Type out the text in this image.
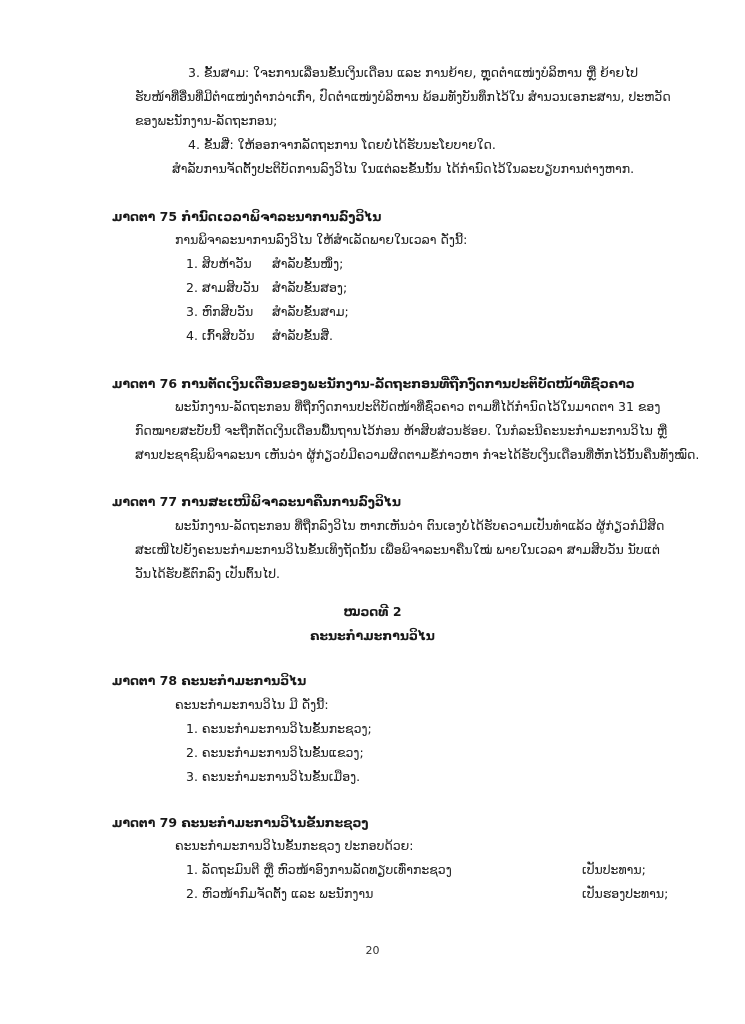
3. ຂັ້ນສາມ: ໃຈະການເລື່ອນຂັ້ນເງິນເດືອນ ແລະ ການຍ້າຍ, ຫຼຸດຕໍາແໜ່ງບໍລິຫານ ຫຼື ຍ້າຍໄປ
ຮັບໜ້າທີ່ອື່ນທີ່ມີຕໍາແໜ່ງຕໍ່າກວ່າເກົ່າ, ປົດຕໍາແໜ່ງບໍລິຫານ ພ້ອມທັງບັນທຶກໄວ້ໃນ ສໍານວນເອກະສານ, ປະຫວັດ
ຂອງພະນັກງານ-ລັດຖະກອນ;
4. ຂັ້ນສີ່: ໃຫ້ອອກຈາກລັດຖະການ ໂດຍບໍ່ໄດ້ຮັບນະໂຍບາຍໃດ.
ສໍາລັບການຈັດຕັ້ງປະຕິບັດການລົງວິໄນ ໃນແຕ່ລະຂັ້ນນັ້ນ ໄດ້ກໍານົດໄວ້ໃນລະບຽບການຕ່າງຫາກ.
ມາດຕາ 75 ກໍານົດເວລາພິຈາລະນາການລົງວິໄນ
ການພິຈາລະນາການລົງວິໄນ ໃຫ້ສໍາເລັດພາຍໃນເວລາ ດັ່ງນີ້:
1. ສິບຫ້າວັນ ສໍາລັບຂັ້ນໜຶ່ງ;
2. ສາມສິບວັນ ສໍາລັບຂັ້ນສອງ;
3. ຫົກສິບວັນ ສໍາລັບຂັ້ນສາມ;
4. ເກົ້າສິບວັນ ສໍາລັບຂັ້ນສີ່.
ມາດຕາ 76 ການຕັດເງິນເດືອນຂອງພະນັກງານ-ລັດຖະກອນທີ່ຖືກງົດການປະຕິບັດໜ້າທີ່ຊົ່ວຄາວ
ພະນັກງານ-ລັດຖະກອນ ທີ່ຖືກງົດການປະຕິບັດໜ້າທີ່ຊົ່ວຄາວ ຕາມທີ່ໄດ້ກໍານົດໄວ້ໃນມາດຕາ 31 ຂອງ
ກົດໝາຍສະບັບນີ້ ຈະຖືກຕັດເງິນເດືອນພື້ນຖານໄວ້ກ່ອນ ຫ້າສິບສ່ວນຮ້ອຍ. ໃນກໍລະນີຄະນະກໍາມະການວິໄນ ຫຼື
ສານປະຊາຊົນພິຈາລະນາ ເຫັນວ່າ ຜູ້ກ່ຽວບໍ່ມີຄວາມຜິດຕາມຂໍ້ກ່າວຫາ ກໍຈະໄດ້ຮັບເງິນເດືອນທີ່ຫັກໄວ້ນັ້ນຄືນທັງໝົດ.
ມາດຕາ 77 ການສະເໜີພິຈາລະນາຄືນການລົງວິໄນ
ພະນັກງານ-ລັດຖະກອນ ທີ່ຖືກລົງວິໄນ ຫາກເຫັນວ່າ ຕົນເອງບໍ່ໄດ້ຮັບຄວາມເປັນທໍາແລ້ວ ຜູ້ກ່ຽວກໍມີສິດ
ສະເໜີໄປຍັງຄະນະກໍາມະການວິໄນຂັ້ນເທິງຖັດນັ້ນ ເພື່ອພິຈາລະນາຄືນໃໝ່ ພາຍໃນເວລາ ສາມສິບວັນ ນັບແຕ່
ວັນໄດ້ຮັບຂໍ້ຕົກລົງ ເປັນຕົ້ນໄປ.
ໝວດທີ 2
ຄະນະກໍາມະການວິໄນ
ມາດຕາ 78 ຄະນະກໍາມະການວິໄນ
ຄະນະກໍາມະການວິໄນ ມີ ດັ່ງນີ້:
1. ຄະນະກໍາມະການວິໄນຂັ້ນກະຊວງ;
2. ຄະນະກໍາມະການວິໄນຂັ້ນແຂວງ;
3. ຄະນະກໍາມະການວິໄນຂັ້ນເມືອງ.
ມາດຕາ 79 ຄະນະກໍາມະການວິໄນຂັ້ນກະຊວງ
ຄະນະກໍາມະການວິໄນຂັ້ນກະຊວງ ປະກອບດ້ວຍ:
1. ລັດຖະມົນຕີ ຫຼື ຫົວໜ້າອົງການລັດທຽບເທົ່າກະຊວງ	ເປັນປະທານ;
2. ຫົວໜ້າກົມຈັດຕັ້ງ ແລະ ພະນັກງານ	ເປັນຮອງປະທານ;
20
